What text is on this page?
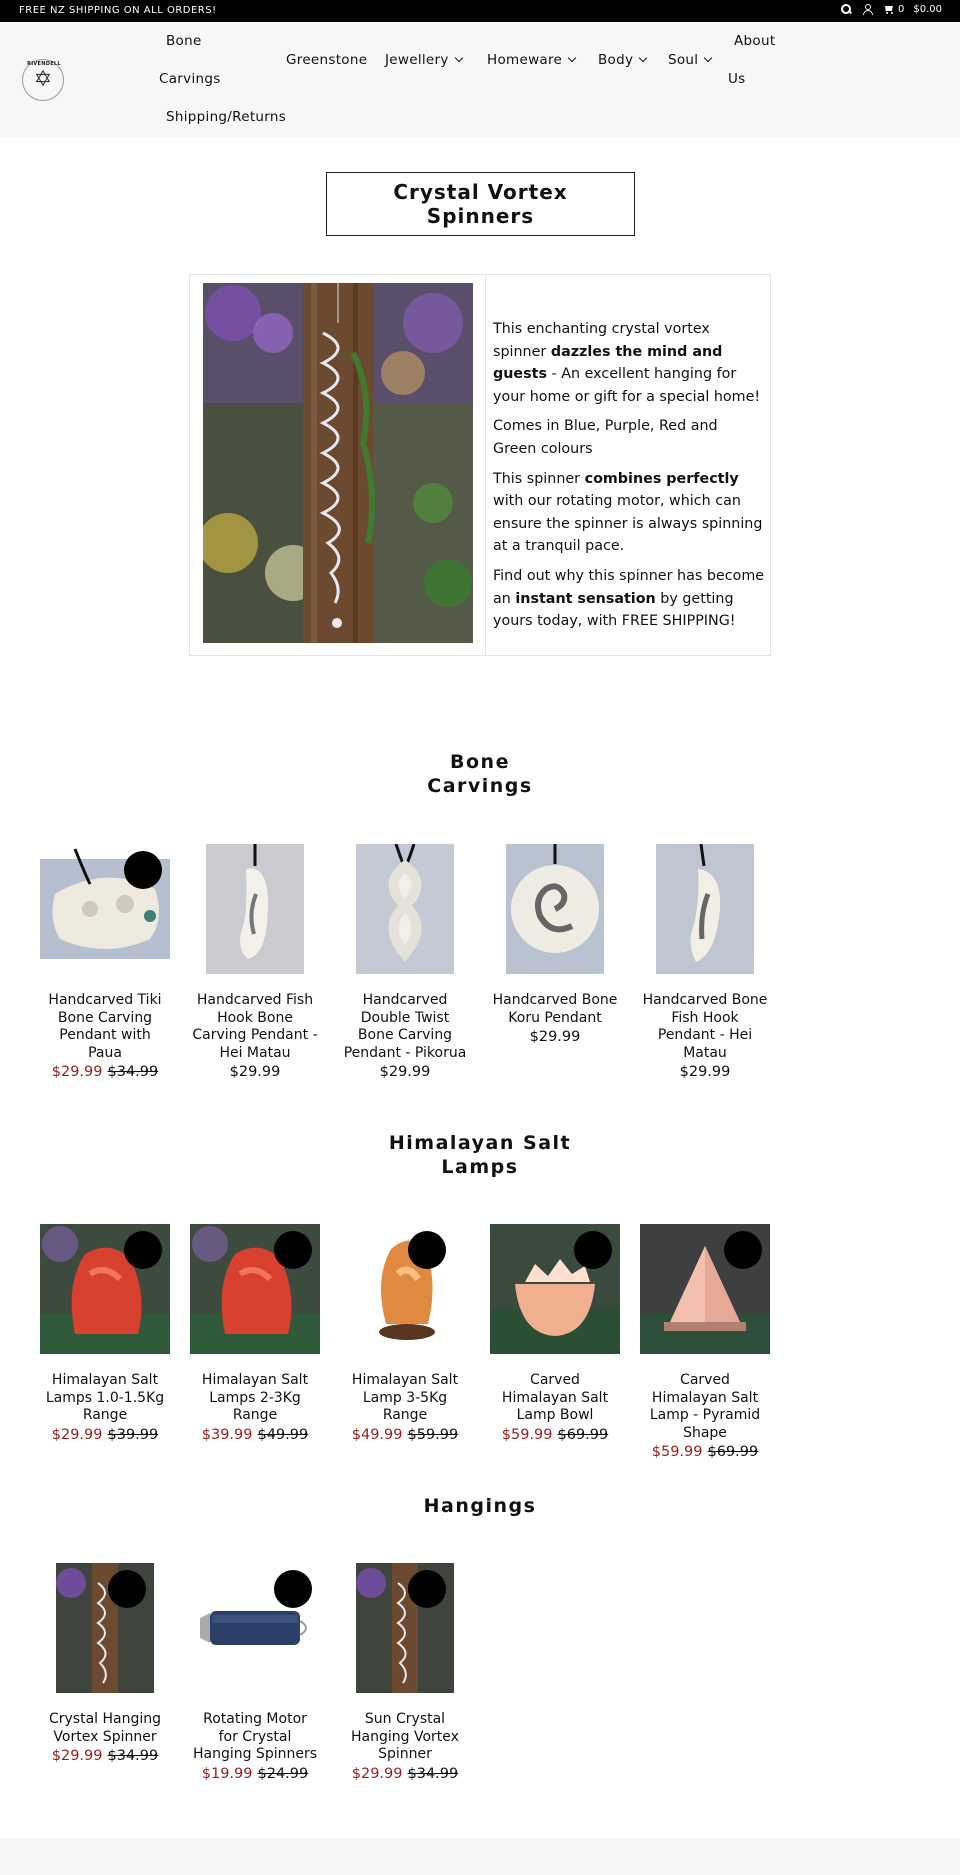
FREE NZ SHIPPING ON ALL ORDERS!	0 $0.00
RIVENDELL
✡
Bone
Carvings
Shipping/Returns
Greenstone Jewellery	Homeware	Body	Soul
About
Us
Crystal Vortex
Spinners

This enchanting crystal vortex spinner dazzles the mind and guests - An excellent hanging for your home or gift for a special home!

Comes in Blue, Purple, Red and Green colours

This spinner combines perfectly with our rotating motor, which can ensure the spinner is always spinning at a tranquil pace.

Find out why this spinner has become an instant sensation by getting yours today, with FREE SHIPPING!

Bone
Carvings
Handcarved Tiki Bone Carving Pendant with Paua
$29.99 $34.99
Handcarved Fish Hook Bone Carving Pendant - Hei Matau
$29.99
Handcarved Double Twist Bone Carving Pendant - Pikorua
$29.99
Handcarved Bone Koru Pendant
$29.99
Handcarved Bone Fish Hook Pendant - Hei Matau
$29.99
Himalayan Salt
Lamps
Himalayan Salt Lamps 1.0-1.5Kg Range
$29.99 $39.99
Himalayan Salt Lamps 2-3Kg Range
$39.99 $49.99
Himalayan Salt Lamp 3-5Kg Range
$49.99 $59.99
Carved Himalayan Salt Lamp Bowl
$59.99 $69.99
Carved Himalayan Salt Lamp - Pyramid Shape
$59.99 $69.99
Hangings
Crystal Hanging Vortex Spinner
$29.99 $34.99
Rotating Motor for Crystal Hanging Spinners
$19.99 $24.99
Sun Crystal Hanging Vortex Spinner
$29.99 $34.99
